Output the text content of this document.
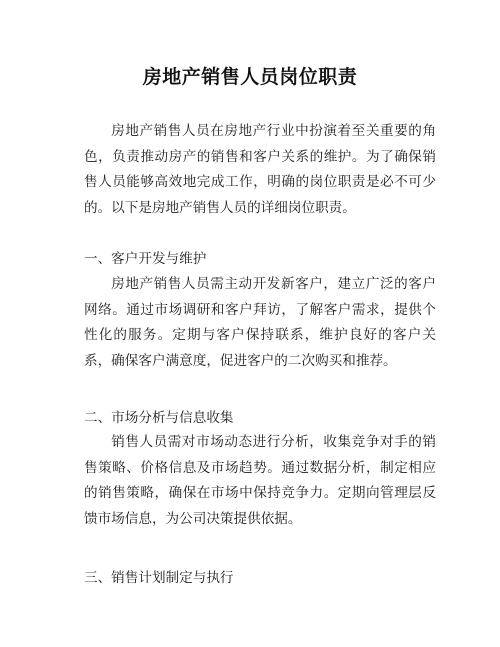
房地产销售人员岗位职责

房地产销售人员在房地产行业中扮演着至关重要的角色，负责推动房产的销售和客户关系的维护。为了确保销售人员能够高效地完成工作，明确的岗位职责是必不可少的。以下是房地产销售人员的详细岗位职责。

一、客户开发与维护

房地产销售人员需主动开发新客户，建立广泛的客户网络。通过市场调研和客户拜访，了解客户需求，提供个性化的服务。定期与客户保持联系，维护良好的客户关系，确保客户满意度，促进客户的二次购买和推荐。

二、市场分析与信息收集

销售人员需对市场动态进行分析，收集竞争对手的销售策略、价格信息及市场趋势。通过数据分析，制定相应的销售策略，确保在市场中保持竞争力。定期向管理层反馈市场信息，为公司决策提供依据。

三、销售计划制定与执行
